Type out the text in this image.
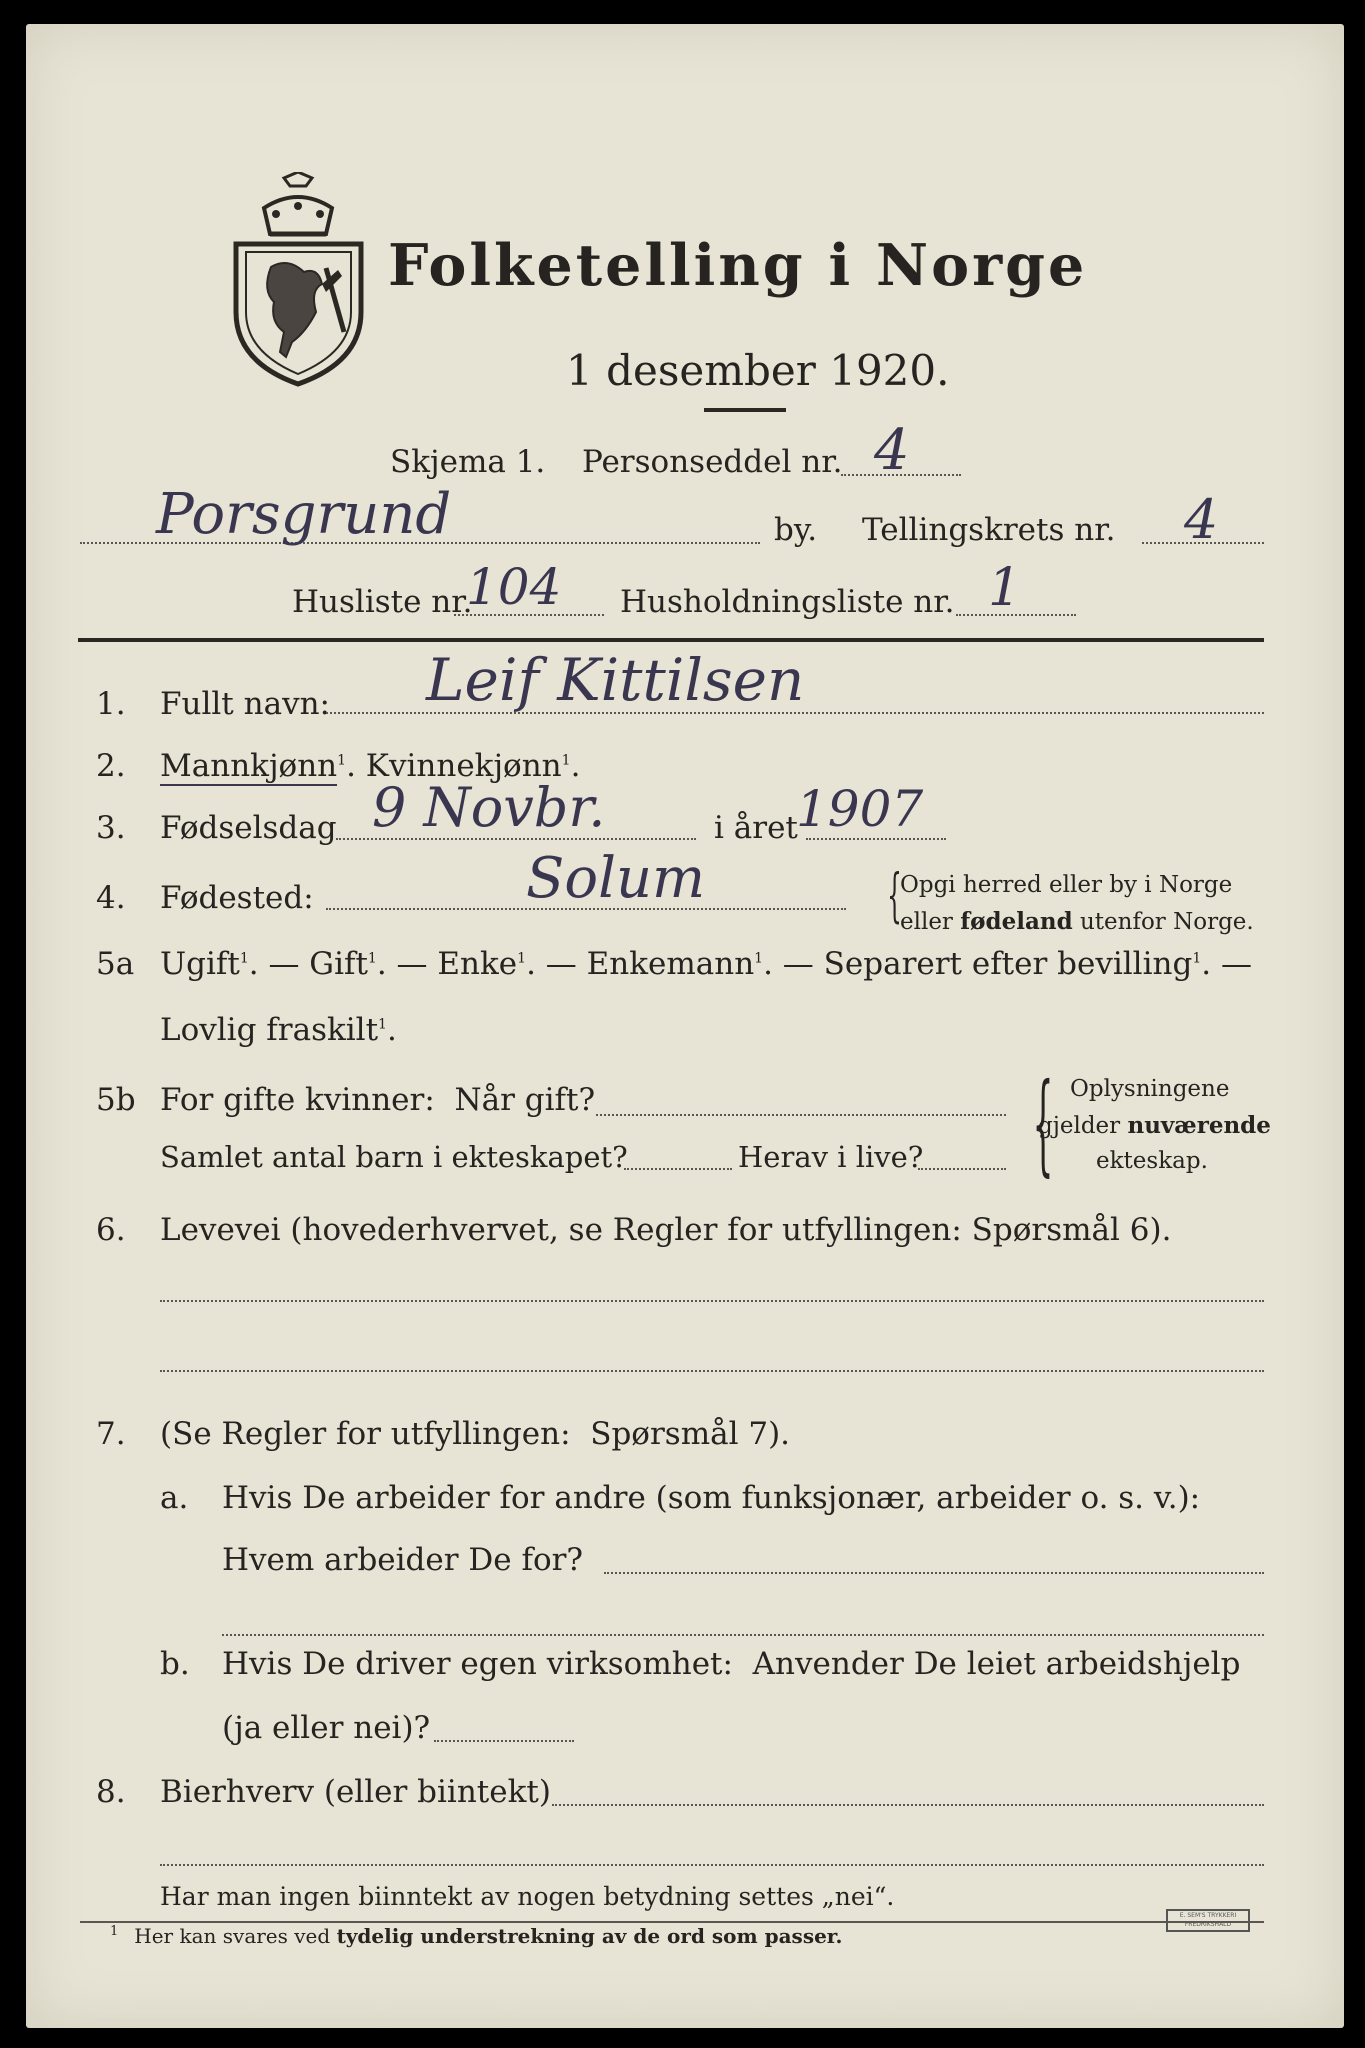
Folketelling i Norge
1 desember 1920.
Skjema 1. Personseddel nr. 4
Porsgrund	by. Tellingskrets nr. 4
Husliste nr.
104 Husholdningsliste nr. 1
1. Fullt navn: Leif Kittilsen
2. Mannkjønn$^1$. Kvinnekjønn$^1$.
3. Fødselsdag 9 Novbr.	i året
1907
4. Fødested:	Solum	{
Opgi herred eller by i Norge
eller fødeland utenfor Norge.
5a Ugift$^1$. — Gift$^1$. — Enke$^1$. — Enkemann$^1$. — Separert efter bevilling$^1$. —
Lovlig fraskilt$^1$.
5b For gifte kvinner:  Når gift?
Samlet antal barn i ekteskapet?	Herav i live? { Oplysningene
gjelder nuværende
ekteskap.
6. Levevei (hovederhvervet, se Regler for utfyllingen: Spørsmål 6).
7. (Se Regler for utfyllingen:  Spørsmål 7).
a. Hvis De arbeider for andre (som funksjonær, arbeider o. s. v.):
Hvem arbeider De for?
b. Hvis De driver egen virksomhet:  Anvender De leiet arbeidshjelp
(ja eller nei)?
8. Bierhverv (eller biintekt)
Har man ingen biinntekt av nogen betydning settes „nei“.
$^1$ Her kan svares ved tydelig understrekning av de ord som passer.
E. SEM'S TRYKKERI
FREDRIKSHALD
